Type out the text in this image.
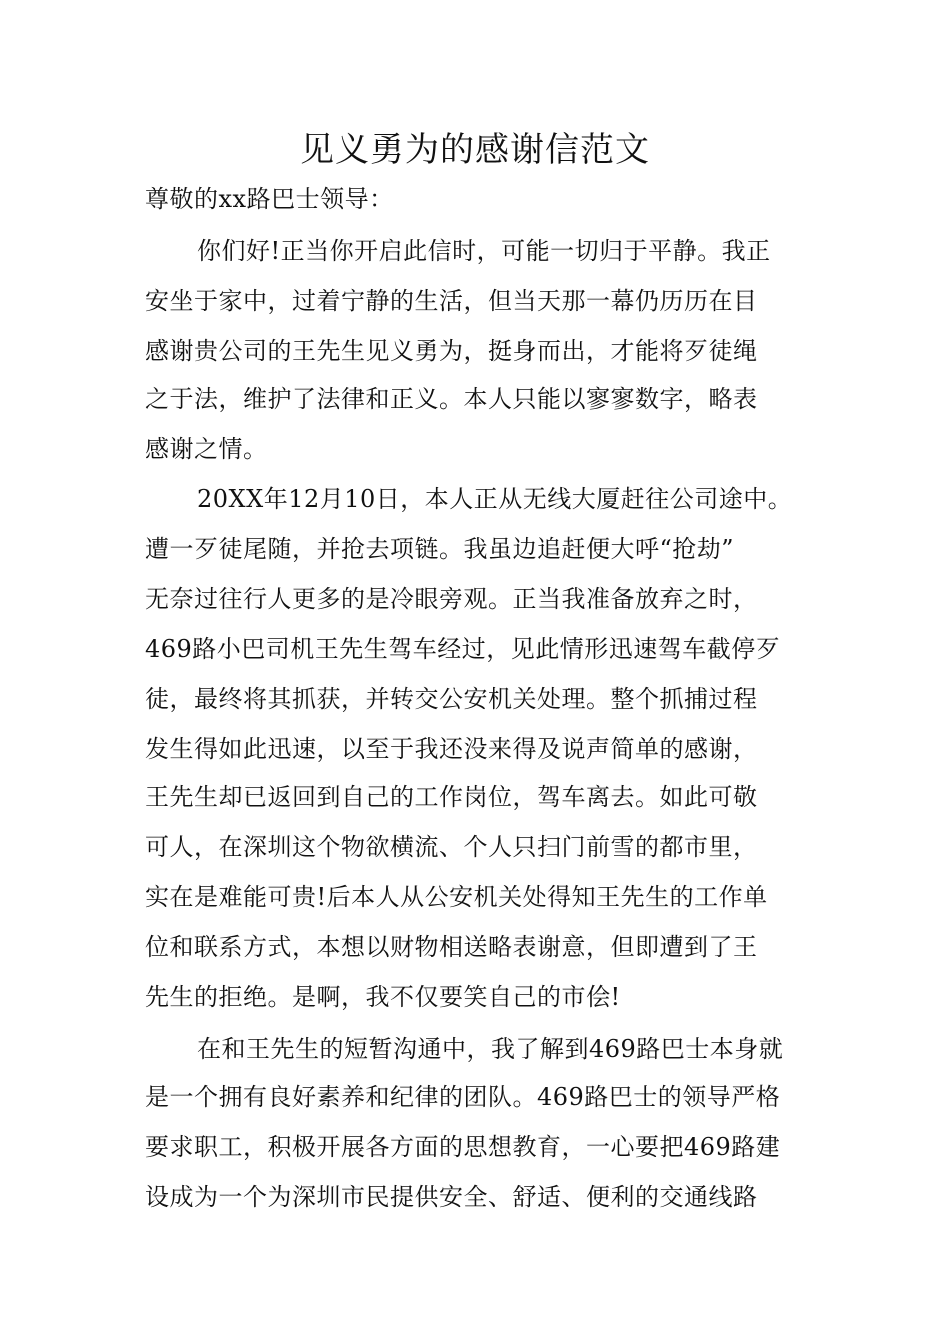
见义勇为的感谢信范文
尊敬的xx路巴士领导：
你们好!正当你开启此信时，可能一切归于平静。我正
安坐于家中，过着宁静的生活，但当天那一幕仍历历在目
感谢贵公司的王先生见义勇为，挺身而出，才能将歹徒绳
之于法，维护了法律和正义。本人只能以寥寥数字，略表
感谢之情。
20XX年12月10日，本人正从无线大厦赶往公司途中。
遭一歹徒尾随，并抢去项链。我虽边追赶便大呼“抢劫”
无奈过往行人更多的是冷眼旁观。正当我准备放弃之时，
469路小巴司机王先生驾车经过，见此情形迅速驾车截停歹
徒，最终将其抓获，并转交公安机关处理。整个抓捕过程
发生得如此迅速，以至于我还没来得及说声简单的感谢，
王先生却已返回到自己的工作岗位，驾车离去。如此可敬
可人，在深圳这个物欲横流、个人只扫门前雪的都市里，
实在是难能可贵!后本人从公安机关处得知王先生的工作单
位和联系方式，本想以财物相送略表谢意，但即遭到了王
先生的拒绝。是啊，我不仅要笑自己的市侩!
在和王先生的短暂沟通中，我了解到469路巴士本身就
是一个拥有良好素养和纪律的团队。469路巴士的领导严格
要求职工，积极开展各方面的思想教育，一心要把469路建
设成为一个为深圳市民提供安全、舒适、便利的交通线路
